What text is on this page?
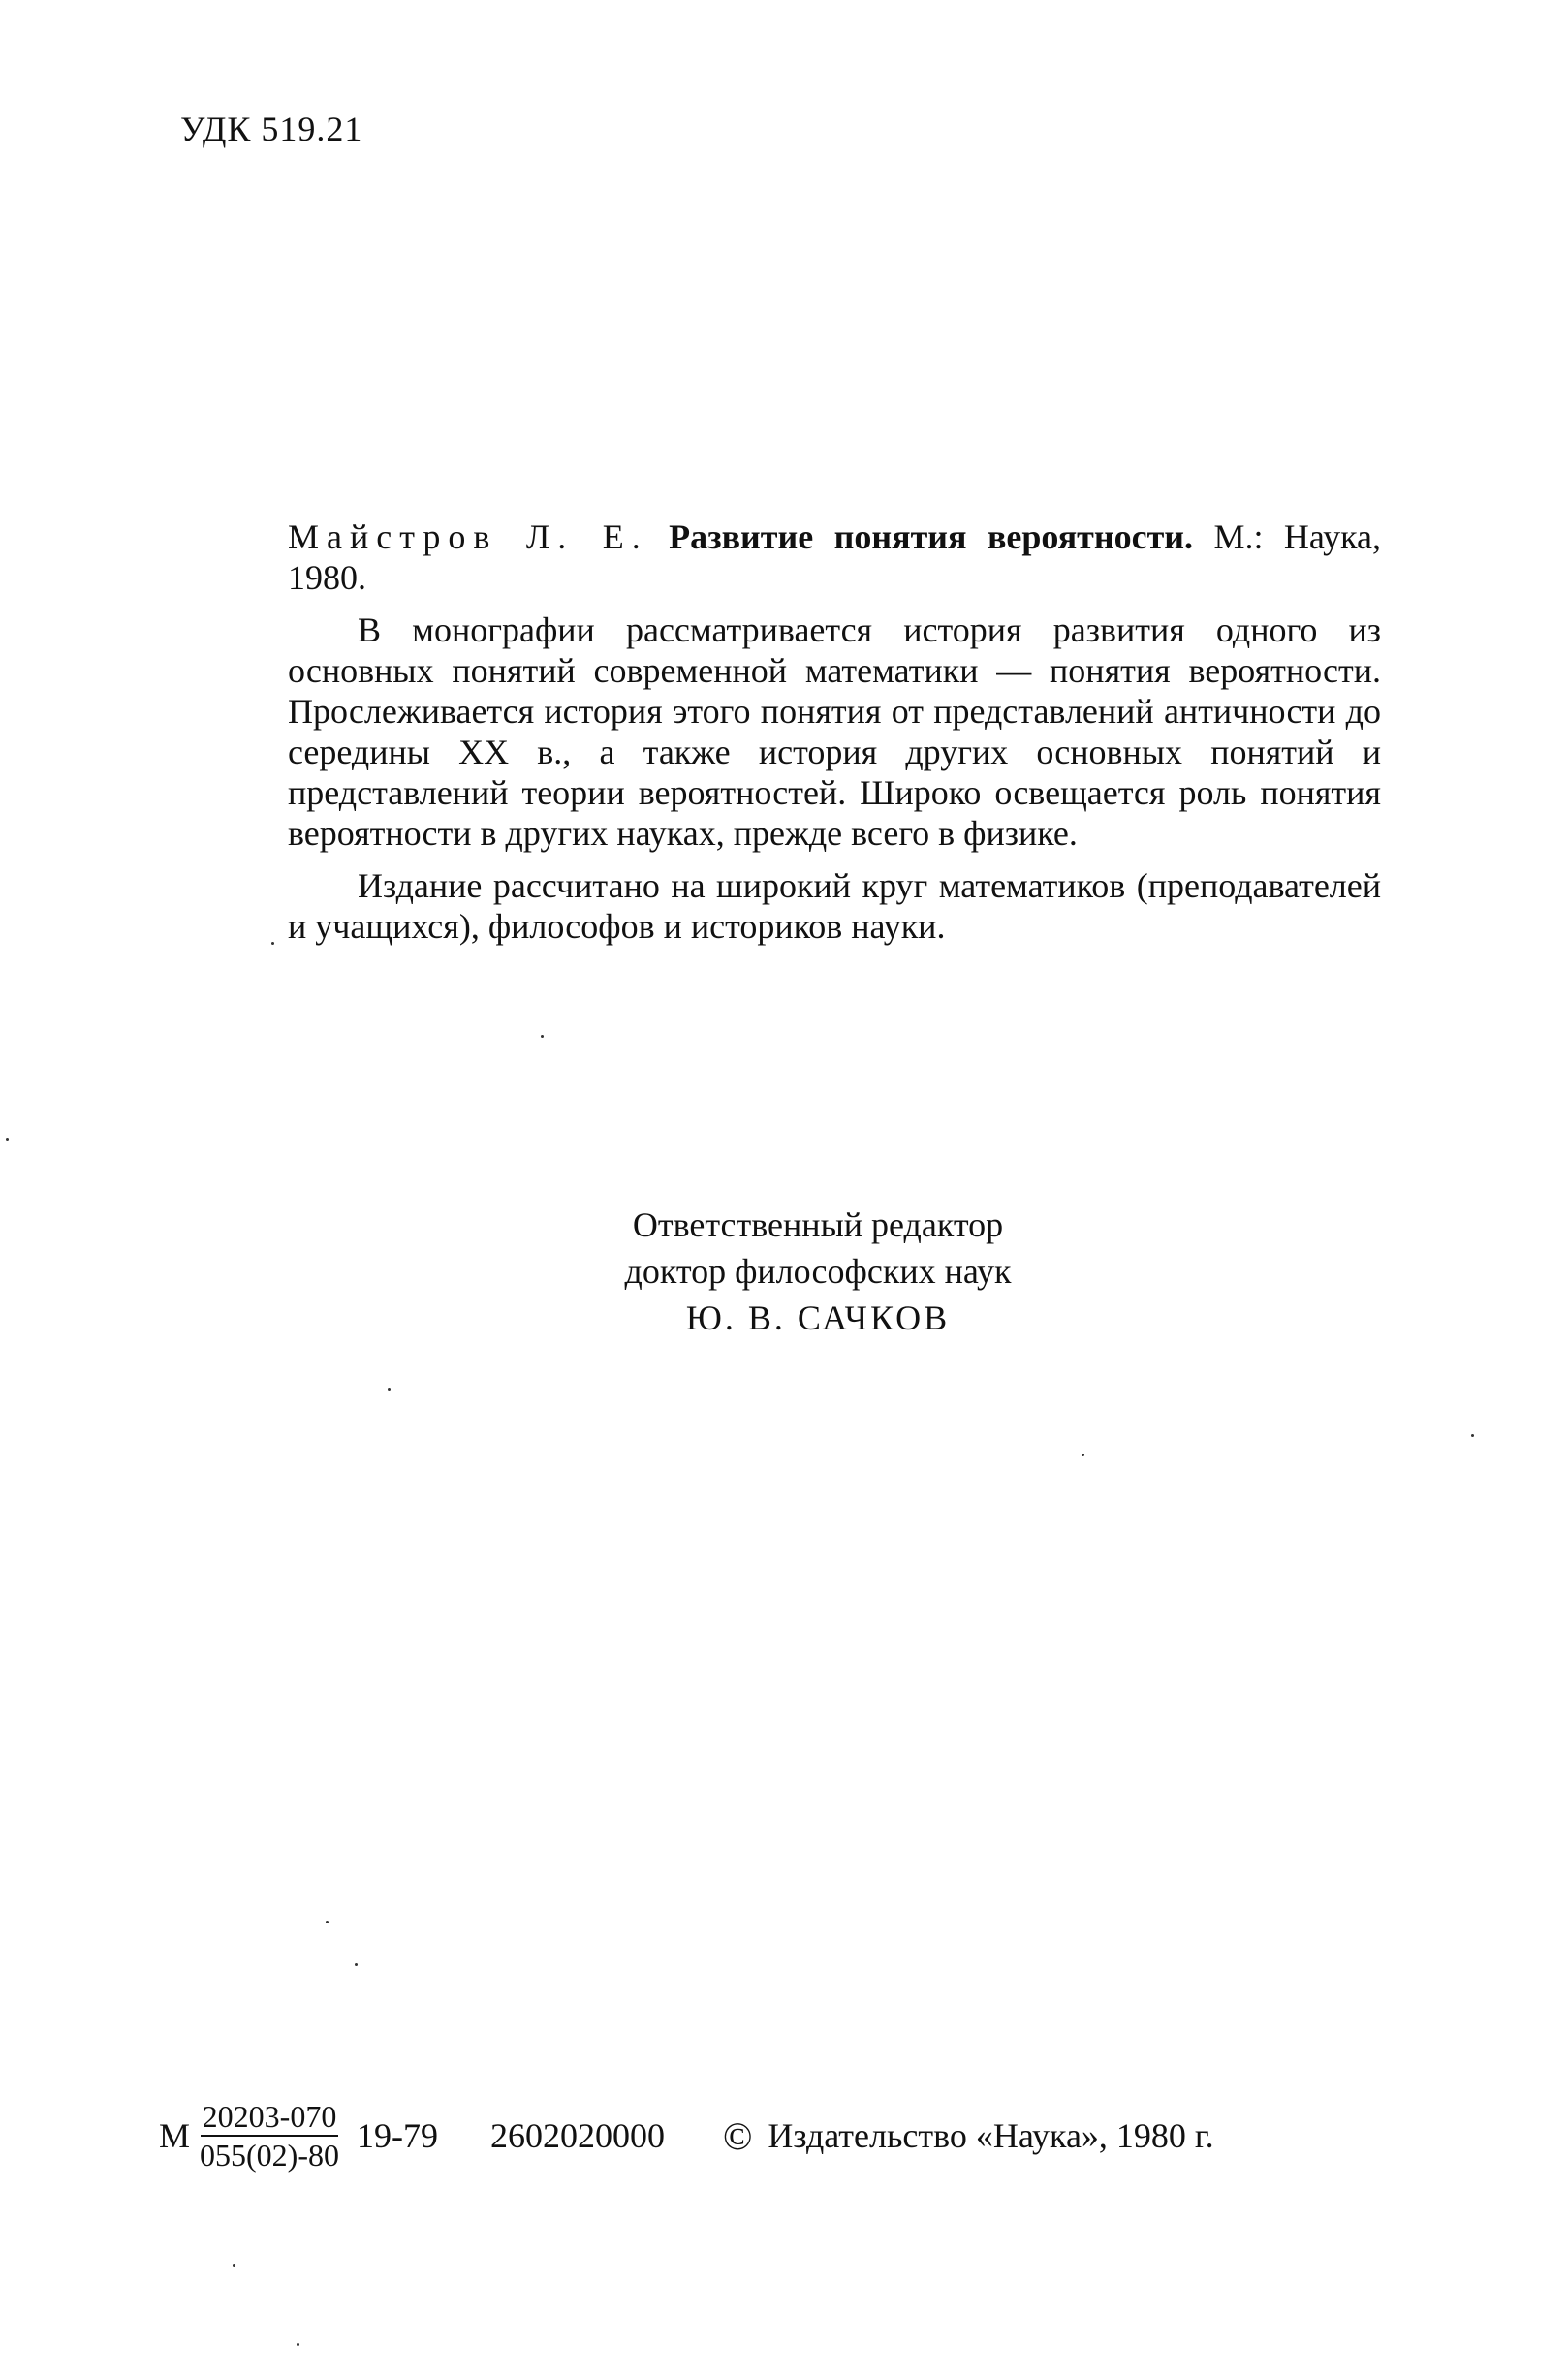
УДК 519.21

Майстров Л. Е. Развитие понятия вероятности. М.: Наука, 1980.

В монографии рассматривается история развития одного из основных понятий современной математики — понятия вероятности. Прослеживается история этого понятия от представлений античности до середины XX в., а также история других основных понятий и представлений теории вероятностей. Широко освещается роль понятия вероятности в других науках, прежде всего в физике.

Издание рассчитано на широкий круг математиков (преподавателей и учащихся), философов и историков науки.

Ответственный редактор
доктор философских наук
Ю. В. САЧКОВ
М $\frac{20203-070}{055(02)-80} 19-79$ 2602020000 © Издательство «Наука», 1980 г.
